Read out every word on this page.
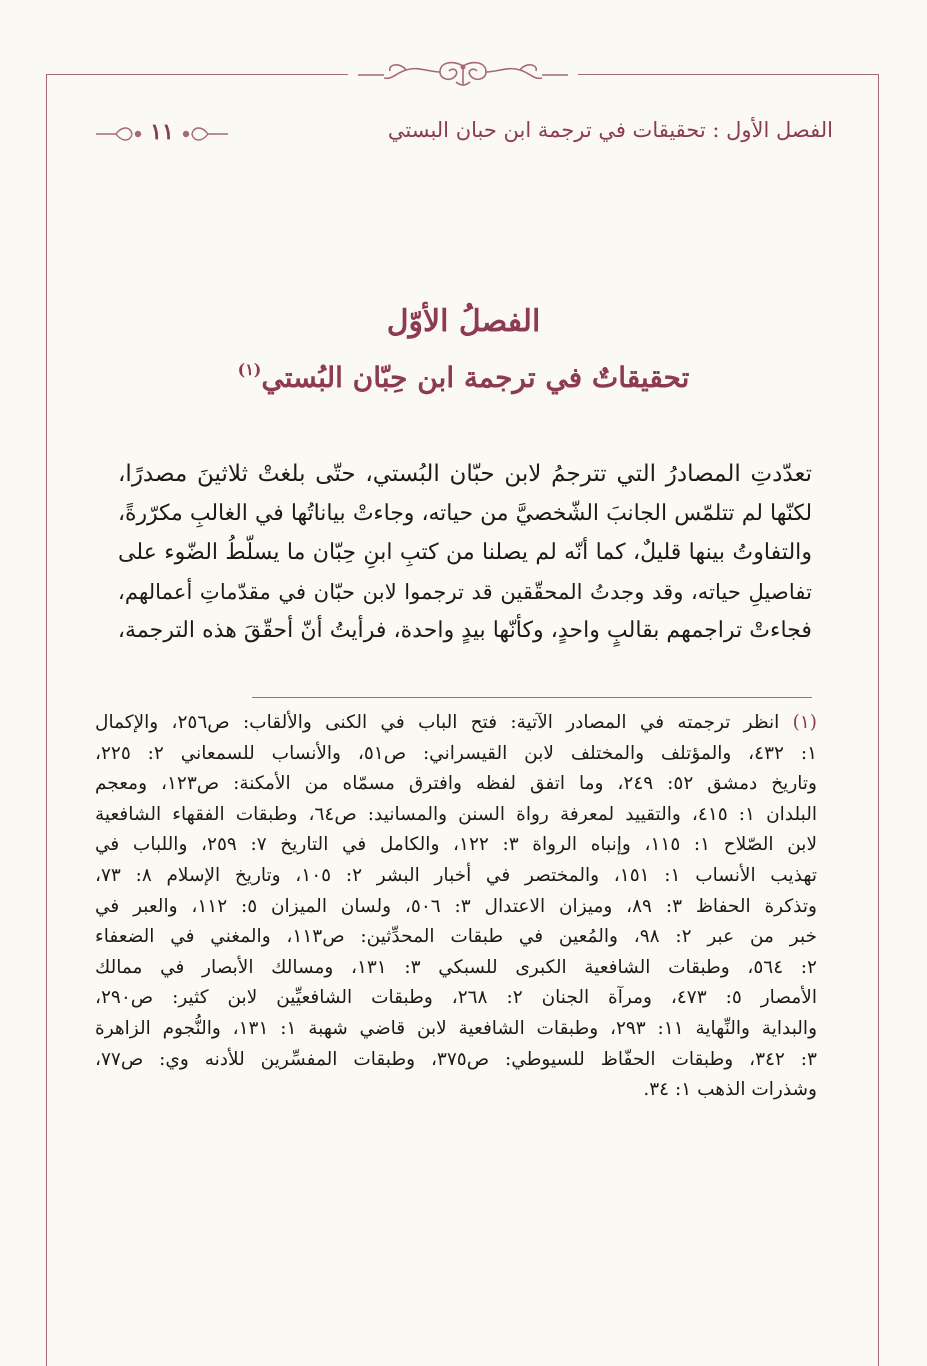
الفصل الأول : تحقيقات في ترجمة ابن حبان البستي
١١
الفصلُ الأوّل
تحقيقاتٌ في ترجمة ابن حِبّان البُستي$^{(١)}$
تعدّدتِ المصادرُ التي تترجمُ لابن حبّان البُستي، حتّى بلغتْ ثلاثينَ مصدرًا،
لكنّها لم تتلمّس الجانبَ الشّخصيَّ من حياته، وجاءتْ بياناتُها في الغالبِ مكرّرةً،
والتفاوتُ بينها قليلٌ، كما أنّه لم يصلنا من كتبِ ابنِ حِبّان ما يسلّطُ الضّوء على
تفاصيلِ حياته، وقد وجدتُ المحقّقين قد ترجموا لابن حبّان في مقدّماتِ أعمالهم،
فجاءتْ تراجمهم بقالبٍ واحدٍ، وكأنّها بيدٍ واحدة، فرأيتُ أنّ أحقّقَ هذه الترجمة،
(١) انظر ترجمته في المصادر الآتية: فتح الباب في الكنى والألقاب: ص٢٥٦، والإكمال
١: ٤٣٢، والمؤتلف والمختلف لابن القيسراني: ص٥١، والأنساب للسمعاني ٢: ٢٢٥،
وتاريخ دمشق ٥٢: ٢٤٩، وما اتفق لفظه وافترق مسمّاه من الأمكنة: ص١٢٣، ومعجم
البلدان ١: ٤١٥، والتقييد لمعرفة رواة السنن والمسانيد: ص٦٤، وطبقات الفقهاء الشافعية
لابن الصّلاح ١: ١١٥، وإنباه الرواة ٣: ١٢٢، والكامل في التاريخ ٧: ٢٥٩، واللباب في
تهذيب الأنساب ١: ١٥١، والمختصر في أخبار البشر ٢: ١٠٥، وتاريخ الإسلام ٨: ٧٣،
وتذكرة الحفاظ ٣: ٨٩، وميزان الاعتدال ٣: ٥٠٦، ولسان الميزان ٥: ١١٢، والعبر في
خبر من عبر ٢: ٩٨، والمُعين في طبقات المحدِّثين: ص١١٣، والمغني في الضعفاء
٢: ٥٦٤، وطبقات الشافعية الكبرى للسبكي ٣: ١٣١، ومسالك الأبصار في ممالك
الأمصار ٥: ٤٧٣، ومرآة الجنان ٢: ٢٦٨، وطبقات الشافعيِّين لابن كثير: ص٢٩٠،
والبداية والنِّهاية ١١: ٢٩٣، وطبقات الشافعية لابن قاضي شهبة ١: ١٣١، والنُّجوم الزاهرة
٣: ٣٤٢، وطبقات الحفّاظ للسيوطي: ص٣٧٥، وطبقات المفسِّرين للأدنه وي: ص٧٧،
وشذرات الذهب ١: ٣٤.
